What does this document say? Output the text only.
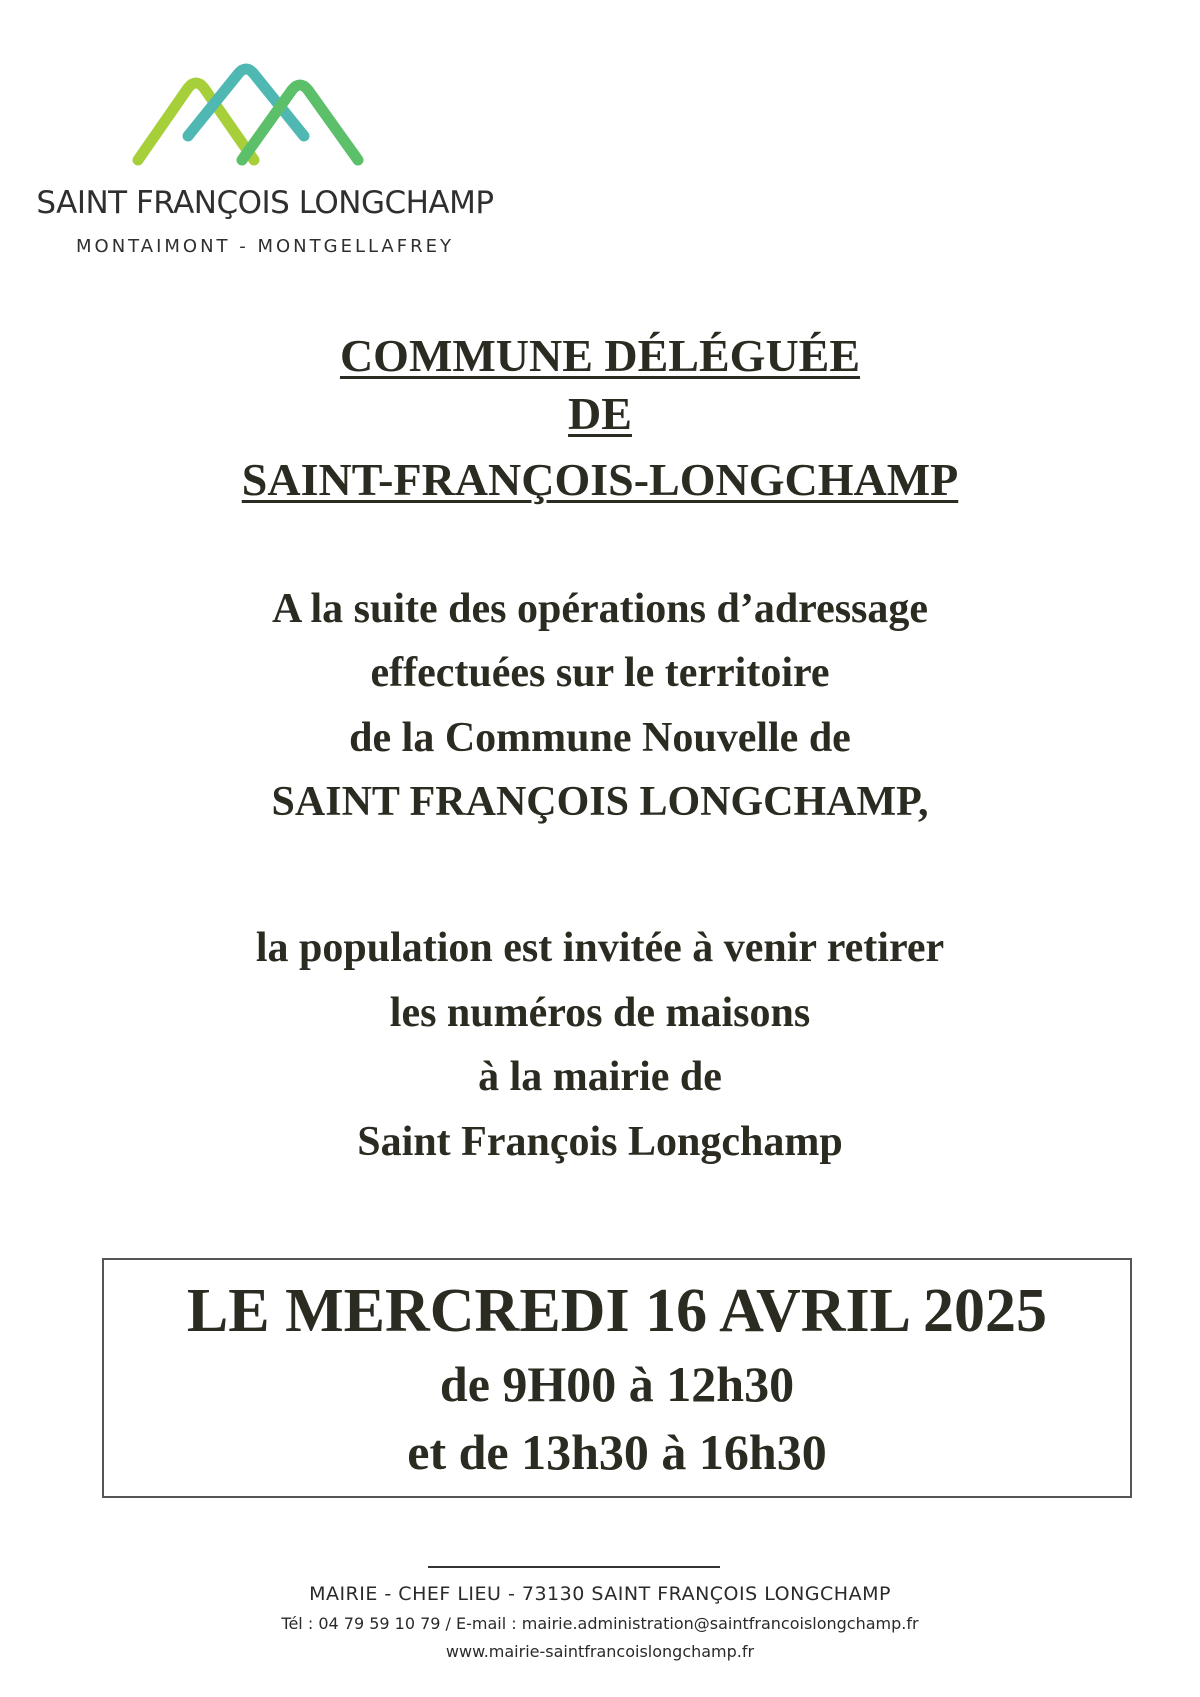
SAINT FRANÇOIS LONGCHAMP
MONTAIMONT - MONTGELLAFREY
COMMUNE DÉLÉGUÉE
DE
SAINT-FRANÇOIS-LONGCHAMP
A la suite des opérations d’adressage
effectuées sur le territoire
de la Commune Nouvelle de
SAINT FRANÇOIS LONGCHAMP,
la population est invitée à venir retirer
les numéros de maisons
à la mairie de
Saint François Longchamp
LE MERCREDI 16 AVRIL 2025
de 9H00 à 12h30
et de 13h30 à 16h30
MAIRIE - CHEF LIEU - 73130 SAINT FRANÇOIS LONGCHAMP
Tél : 04 79 59 10 79 / E-mail : mairie.administration@saintfrancoislongchamp.fr
www.mairie-saintfrancoislongchamp.fr
